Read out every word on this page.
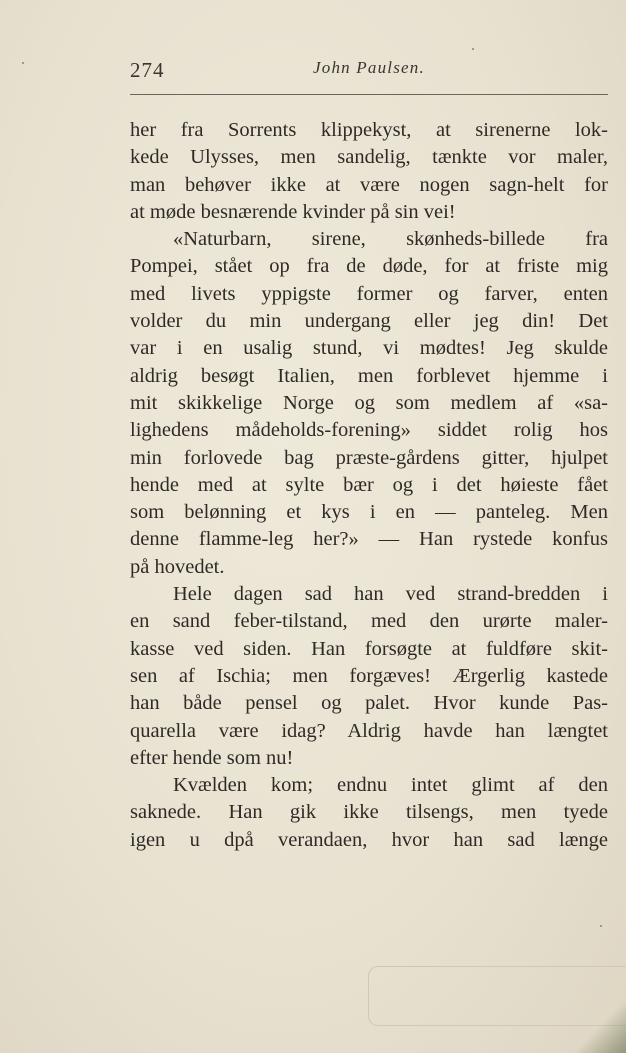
274	John Paulsen.
her fra Sorrents klippekyst, at sirenerne lok-
kede Ulysses, men sandelig, tænkte vor maler,
man behøver ikke at være nogen sagn-helt for
at møde besnærende kvinder på sin vei!
«Naturbarn, sirene, skønheds-billede fra
Pompei, stået op fra de døde, for at friste mig
med livets yppigste former og farver, enten
volder du min undergang eller jeg din! Det
var i en usalig stund, vi mødtes! Jeg skulde
aldrig besøgt Italien, men forblevet hjemme i
mit skikkelige Norge og som medlem af «sa-
lighedens mådeholds-forening» siddet rolig hos
min forlovede bag præste-gårdens gitter, hjulpet
hende med at sylte bær og i det høieste fået
som belønning et kys i en — panteleg. Men
denne flamme-leg her?» — Han rystede konfus
på hovedet.
Hele dagen sad han ved strand-bredden i
en sand feber-tilstand, med den urørte maler-
kasse ved siden. Han forsøgte at fuldføre skit-
sen af Ischia; men forgæves! Ærgerlig kastede
han både pensel og palet. Hvor kunde Pas-
quarella være idag? Aldrig havde han længtet
efter hende som nu!
Kvælden kom; endnu intet glimt af den
saknede. Han gik ikke tilsengs, men tyede
igen u dpå verandaen, hvor han sad længe
